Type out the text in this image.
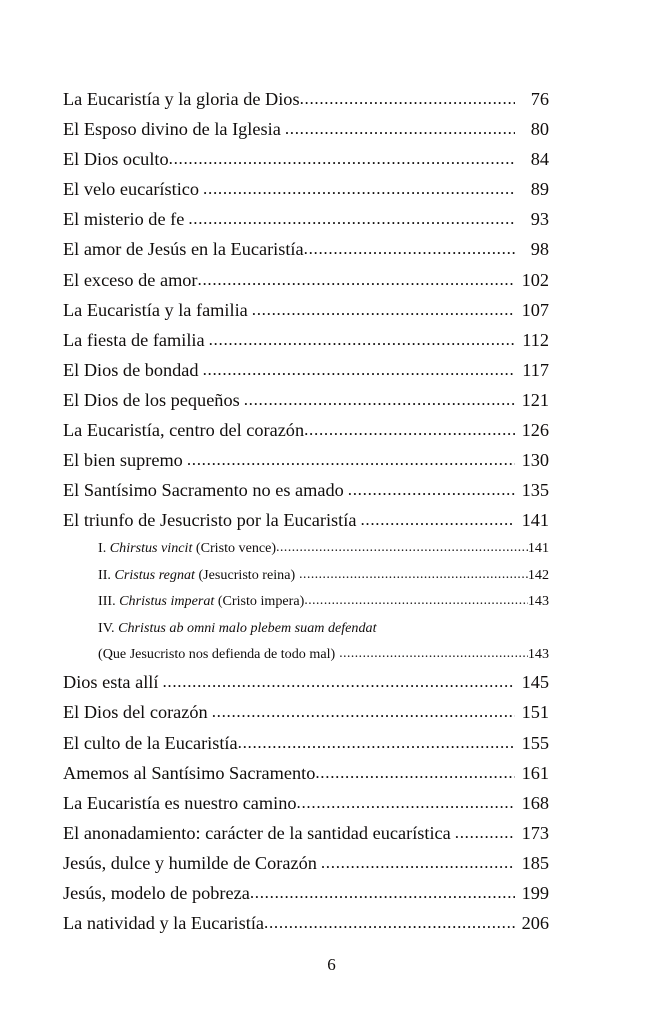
La Eucaristía y la gloria de Dios .....	76
El Esposo divino de la Iglesia .....	80
El Dios oculto .....	84
El velo eucarístico .....	89
El misterio de fe .....	93
El amor de Jesús en la Eucaristía .....	98
El exceso de amor .....	102
La Eucaristía y la familia .....	107
La fiesta de familia .....	112
El Dios de bondad .....	117
El Dios de los pequeños .....	121
La Eucaristía, centro del corazón .....	126
El bien supremo .....	130
El Santísimo Sacramento no es amado .....	135
El triunfo de Jesucristo por la Eucaristía .....	141
I. Chirstus vincit (Cristo vence) .....	141
II. Cristus regnat (Jesucristo reina) .....	142
III. Christus imperat (Cristo impera) .....	143
IV. Christus ab omni malo plebem suam defendat
(Que Jesucristo nos defienda de todo mal) .....	143
Dios esta allí .....	145
El Dios del corazón .....	151
El culto de la Eucaristía .....	155
Amemos al Santísimo Sacramento .....	161
La Eucaristía es nuestro camino .....	168
El anonadamiento: carácter de la santidad eucarística .....	173
Jesús, dulce y humilde de Corazón .....	185
Jesús, modelo de pobreza .....	199
La natividad y la Eucaristía .....	206
6
